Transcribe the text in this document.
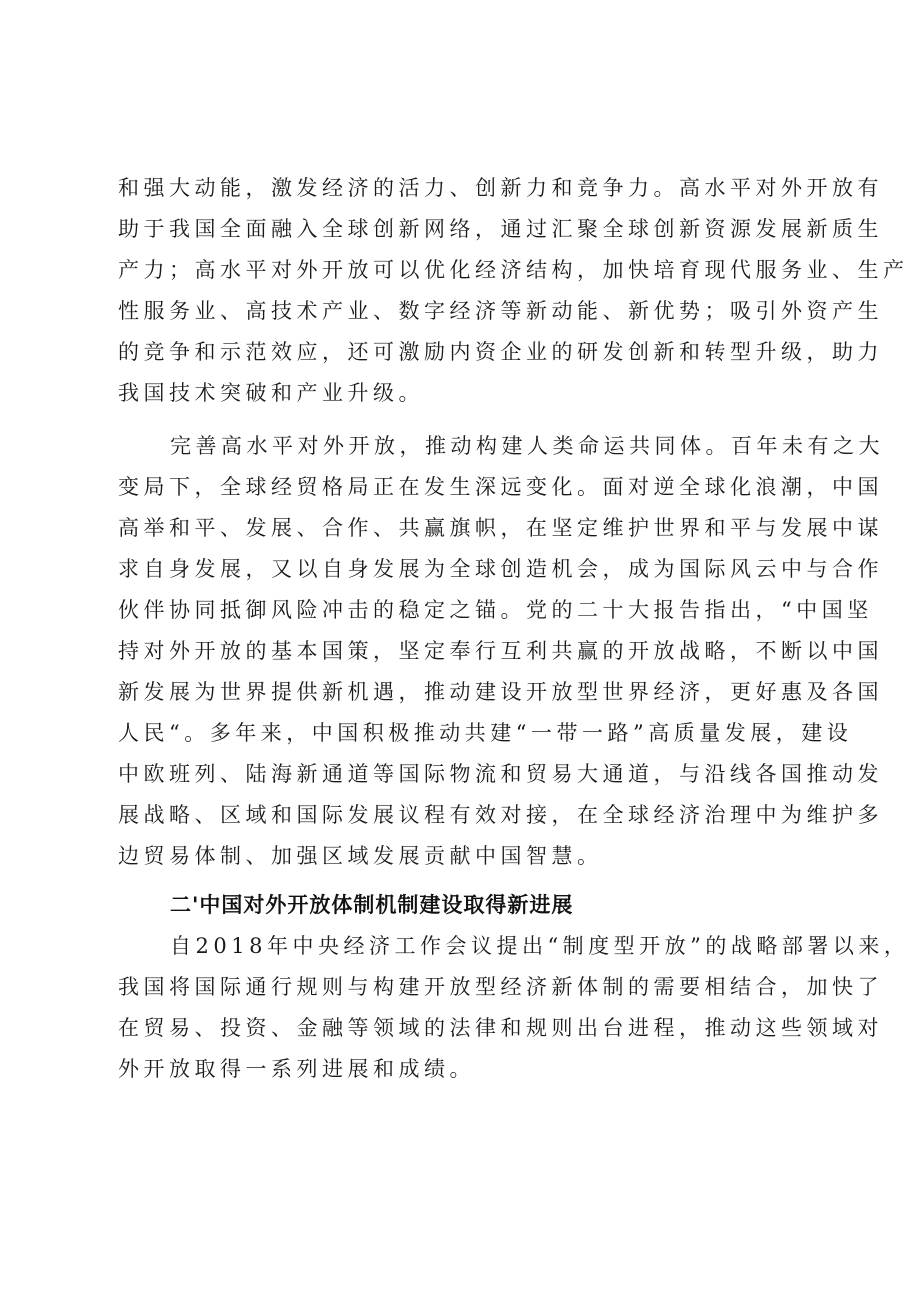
和强大动能，激发经济的活力、创新力和竞争力。高水平对外开放有
助于我国全面融入全球创新网络，通过汇聚全球创新资源发展新质生
产力；高水平对外开放可以优化经济结构，加快培育现代服务业、生产
性服务业、高技术产业、数字经济等新动能、新优势；吸引外资产生
的竞争和示范效应，还可激励内资企业的研发创新和转型升级，助力
我国技术突破和产业升级。
完善高水平对外开放，推动构建人类命运共同体。百年未有之大
变局下，全球经贸格局正在发生深远变化。面对逆全球化浪潮，中国
高举和平、发展、合作、共赢旗帜，在坚定维护世界和平与发展中谋
求自身发展，又以自身发展为全球创造机会，成为国际风云中与合作
伙伴协同抵御风险冲击的稳定之锚。党的二十大报告指出，“中国坚
持对外开放的基本国策，坚定奉行互利共赢的开放战略，不断以中国
新发展为世界提供新机遇，推动建设开放型世界经济，更好惠及各国
人民“。多年来，中国积极推动共建“一带一路”高质量发展，建设
中欧班列、陆海新通道等国际物流和贸易大通道，与沿线各国推动发
展战略、区域和国际发展议程有效对接，在全球经济治理中为维护多
边贸易体制、加强区域发展贡献中国智慧。
二'中国对外开放体制机制建设取得新进展
自2018年中央经济工作会议提出“制度型开放”的战略部署以来，
我国将国际通行规则与构建开放型经济新体制的需要相结合，加快了
在贸易、投资、金融等领域的法律和规则出台进程，推动这些领域对
外开放取得一系列进展和成绩。
